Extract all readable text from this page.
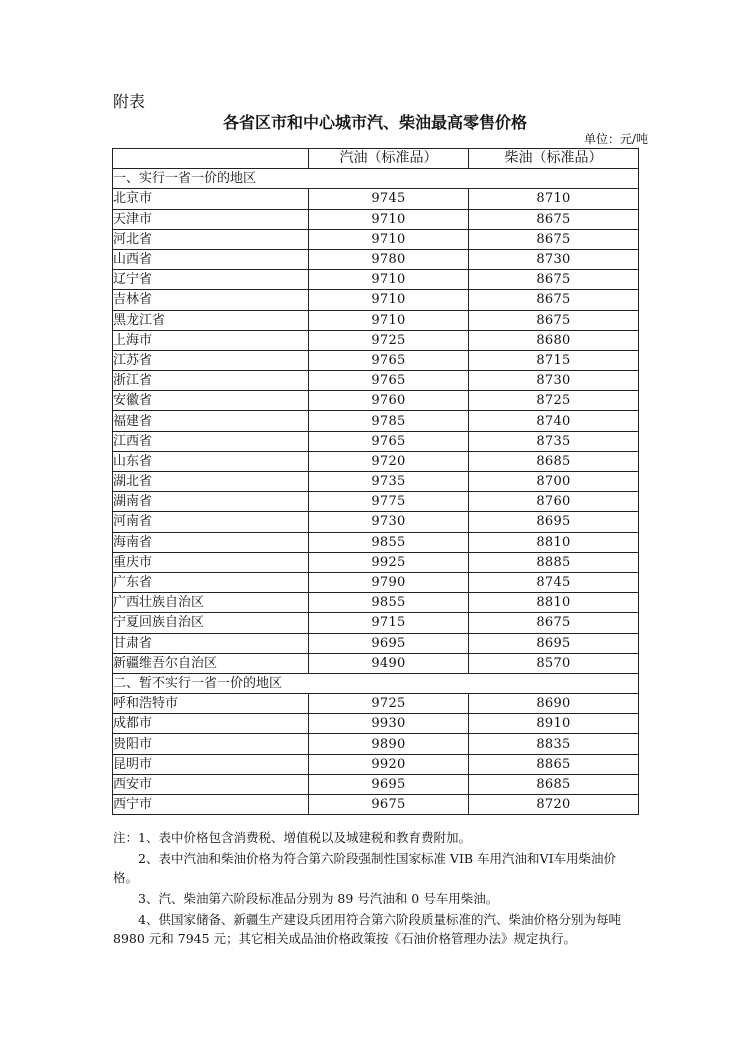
附表
各省区市和中心城市汽、柴油最高零售价格
单位：元/吨
	汽油（标准品）	柴油（标准品）
一、实行一省一价的地区		
北京市	9745	8710
天津市	9710	8675
河北省	9710	8675
山西省	9780	8730
辽宁省	9710	8675
吉林省	9710	8675
黑龙江省	9710	8675
上海市	9725	8680
江苏省	9765	8715
浙江省	9765	8730
安徽省	9760	8725
福建省	9785	8740
江西省	9765	8735
山东省	9720	8685
湖北省	9735	8700
湖南省	9775	8760
河南省	9730	8695
海南省	9855	8810
重庆市	9925	8885
广东省	9790	8745
广西壮族自治区	9855	8810
宁夏回族自治区	9715	8675
甘肃省	9695	8695
新疆维吾尔自治区	9490	8570
二、暂不实行一省一价的地区		
呼和浩特市	9725	8690
成都市	9930	8910
贵阳市	9890	8835
昆明市	9920	8865
西安市	9695	8685
西宁市	9675	8720

注：1、表中价格包含消费税、增值税以及城建税和教育费附加。

2、表中汽油和柴油价格为符合第六阶段强制性国家标准 VIB 车用汽油和VI车用柴油价格。

3、汽、柴油第六阶段标准品分别为 89 号汽油和 0 号车用柴油。

4、供国家储备、新疆生产建设兵团用符合第六阶段质量标准的汽、柴油价格分别为每吨 8980 元和 7945 元；其它相关成品油价格政策按《石油价格管理办法》规定执行。
